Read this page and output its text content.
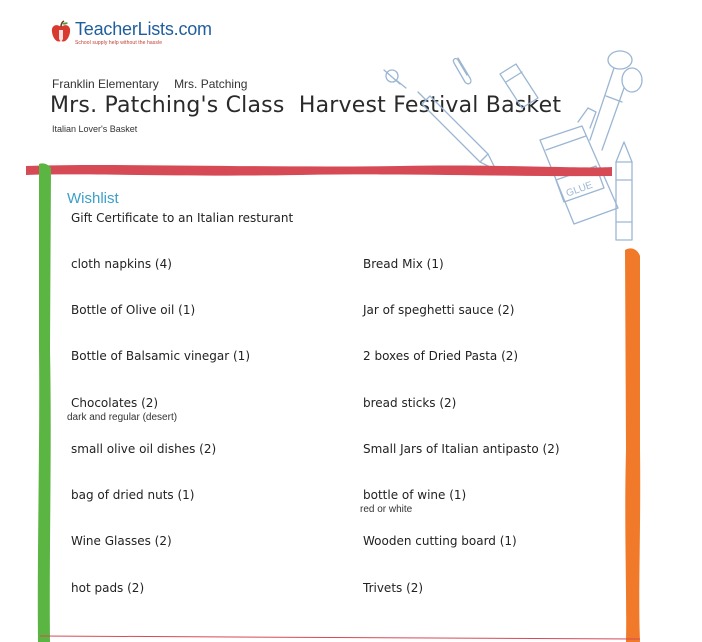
TeacherLists.com
School supply help without the hassle
Franklin Elementary Mrs. Patching
Mrs. Patching's Class  Harvest Festival Basket
Italian Lover's Basket
GLUE
Wishlist
Gift Certificate to an Italian resturant
cloth napkins (4)
Bottle of Olive oil (1)
Bottle of Balsamic vinegar (1)
Chocolates (2)
dark and regular (desert)
small olive oil dishes (2)
bag of dried nuts (1)
Wine Glasses (2)
hot pads (2)
Bread Mix (1)
Jar of speghetti sauce (2)
2 boxes of Dried Pasta (2)
bread sticks (2)
Small Jars of Italian antipasto (2)
bottle of wine (1)
red or white
Wooden cutting board (1)
Trivets (2)
